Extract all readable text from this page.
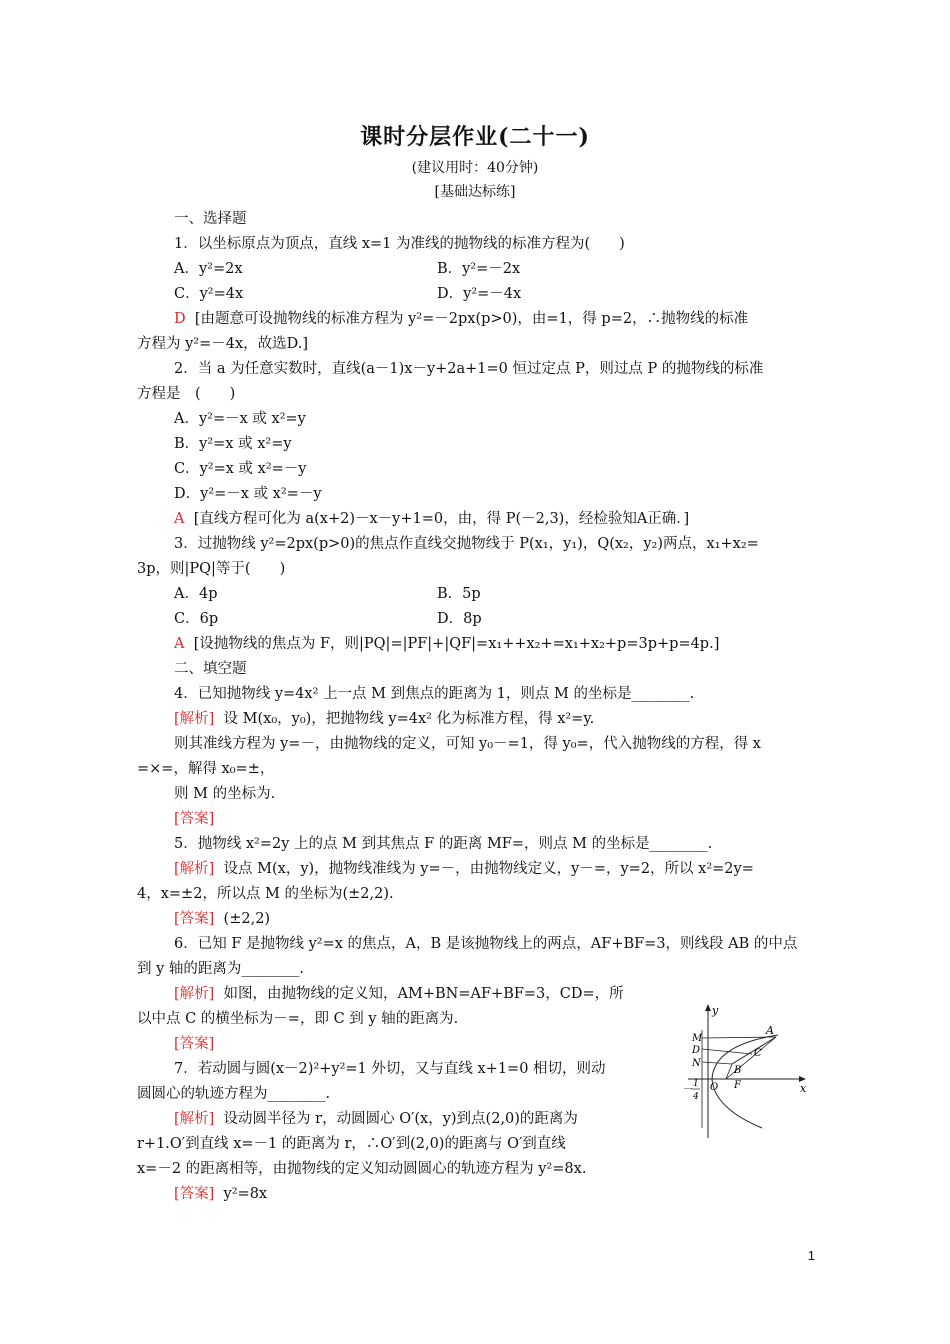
课时分层作业(二十一)
(建议用时：40分钟)
[基础达标练]
一、选择题
1．以坐标原点为顶点，直线 x=1 为准线的抛物线的标准方程为(　　)
A．y²=2x	B．y²=－2x
C．y²=4x	D．y²=－4x
D [由题意可设抛物线的标准方程为 y²=－2px(p>0)，由=1，得 p=2，∴抛物线的标准
方程为 y²=－4x，故选D.]
2．当 a 为任意实数时，直线(a－1)x－y+2a+1=0 恒过定点 P，则过点 P 的抛物线的标准
方程是　(　　)
A．y²=－x 或 x²=y
B．y²=x 或 x²=y
C．y²=x 或 x²=－y
D．y²=－x 或 x²=－y
A [直线方程可化为 a(x+2)－x－y+1=0，由，得 P(－2,3)，经检验知A正确．]
3．过抛物线 y²=2px(p>0)的焦点作直线交抛物线于 P(x₁，y₁)，Q(x₂，y₂)两点，x₁+x₂=
3p，则|PQ|等于(　　)
A．4p	B．5p
C．6p	D．8p
A [设抛物线的焦点为 F，则|PQ|=|PF|+|QF|=x₁++x₂+=x₁+x₂+p=3p+p=4p.]
二、填空题
4．已知抛物线 y=4x² 上一点 M 到焦点的距离为 1，则点 M 的坐标是________.
[解析] 设 M(x₀，y₀)，把抛物线 y=4x² 化为标准方程，得 x²=y.
则其准线方程为 y=－，由抛物线的定义，可知 y₀－=1，得 y₀=，代入抛物线的方程，得 x
=×=，解得 x₀=±，
则 M 的坐标为.
[答案]
5．抛物线 x²=2y 上的点 M 到其焦点 F 的距离 MF=，则点 M 的坐标是________.
[解析] 设点 M(x，y)，抛物线准线为 y=－，由抛物线定义，y－=，y=2，所以 x²=2y=
4，x=±2，所以点 M 的坐标为(±2,2).
[答案] (±2,2)
6．已知 F 是抛物线 y²=x 的焦点，A，B 是该抛物线上的两点，AF+BF=3，则线段 AB 的中点
到 y 轴的距离为________.
[解析] 如图，由抛物线的定义知，AM+BN=AF+BF=3，CD=，所
以中点 C 的横坐标为－=，即 C 到 y 轴的距离为.
[答案]
7．若动圆与圆(x－2)²+y²=1 外切，又与直线 x+1=0 相切，则动
圆圆心的轨迹方程为________.
[解析] 设动圆半径为 r，动圆圆心 O′(x，y)到点(2,0)的距离为
r+1.O′到直线 x=－1 的距离为 r，∴O′到(2,0)的距离与 O′到直线
x=－2 的距离相等，由抛物线的定义知动圆圆心的轨迹方程为 y²=8x.
[答案] y²=8x
y
x
M
D
N
A
C
B
O F
－ 1
4
1
